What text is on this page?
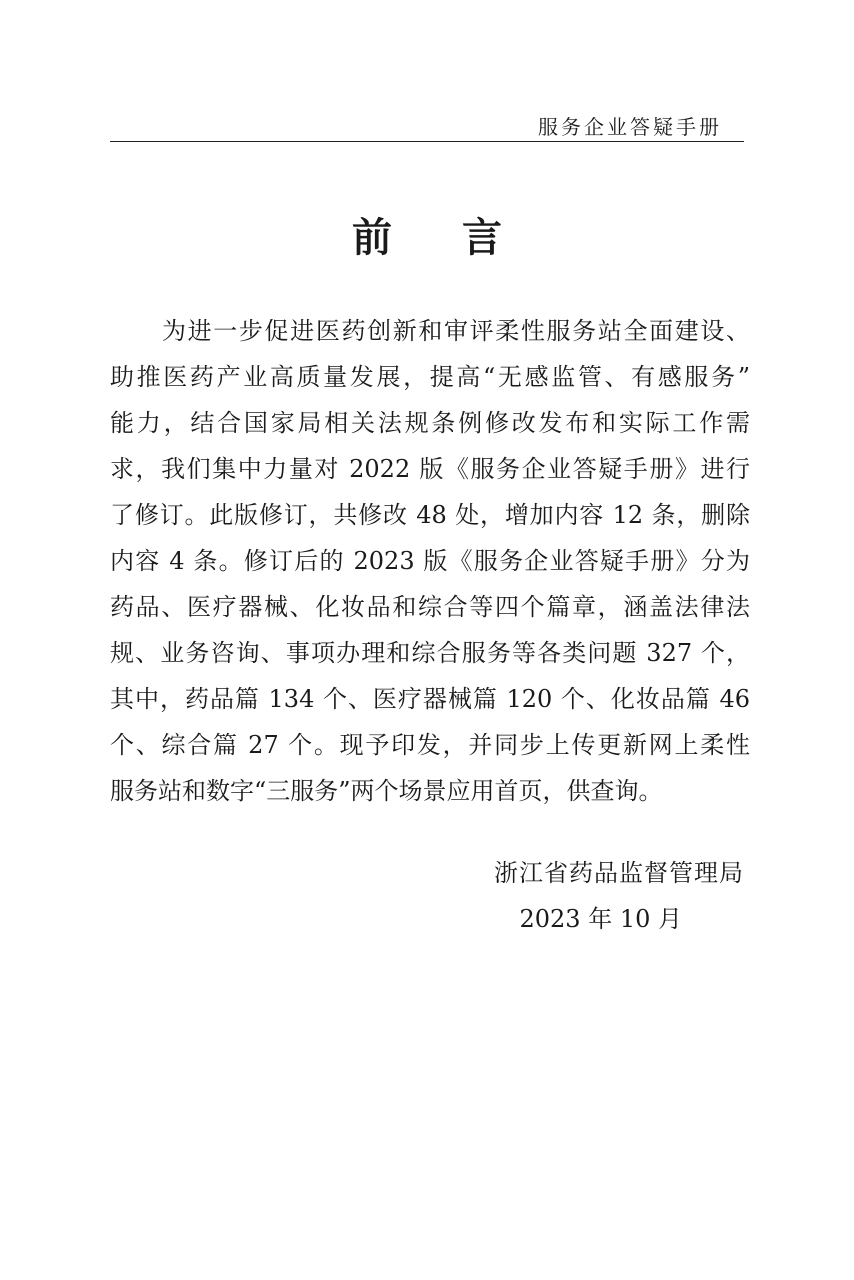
服务企业答疑手册
前言
为进一步促进医药创新和审评柔性服务站全面建设、
助推医药产业高质量发展，提高“无感监管、有感服务”
能力，结合国家局相关法规条例修改发布和实际工作需
求，我们集中力量对 2022 版《服务企业答疑手册》进行
了修订。此版修订，共修改 48 处，增加内容 12 条，删除
内容 4 条。修订后的 2023 版《服务企业答疑手册》分为
药品、医疗器械、化妆品和综合等四个篇章，涵盖法律法
规、业务咨询、事项办理和综合服务等各类问题 327 个，
其中，药品篇 134 个、医疗器械篇 120 个、化妆品篇 46
个、综合篇 27 个。现予印发，并同步上传更新网上柔性
服务站和数字“三服务”两个场景应用首页，供查询。
浙江省药品监督管理局
2023 年 10 月
